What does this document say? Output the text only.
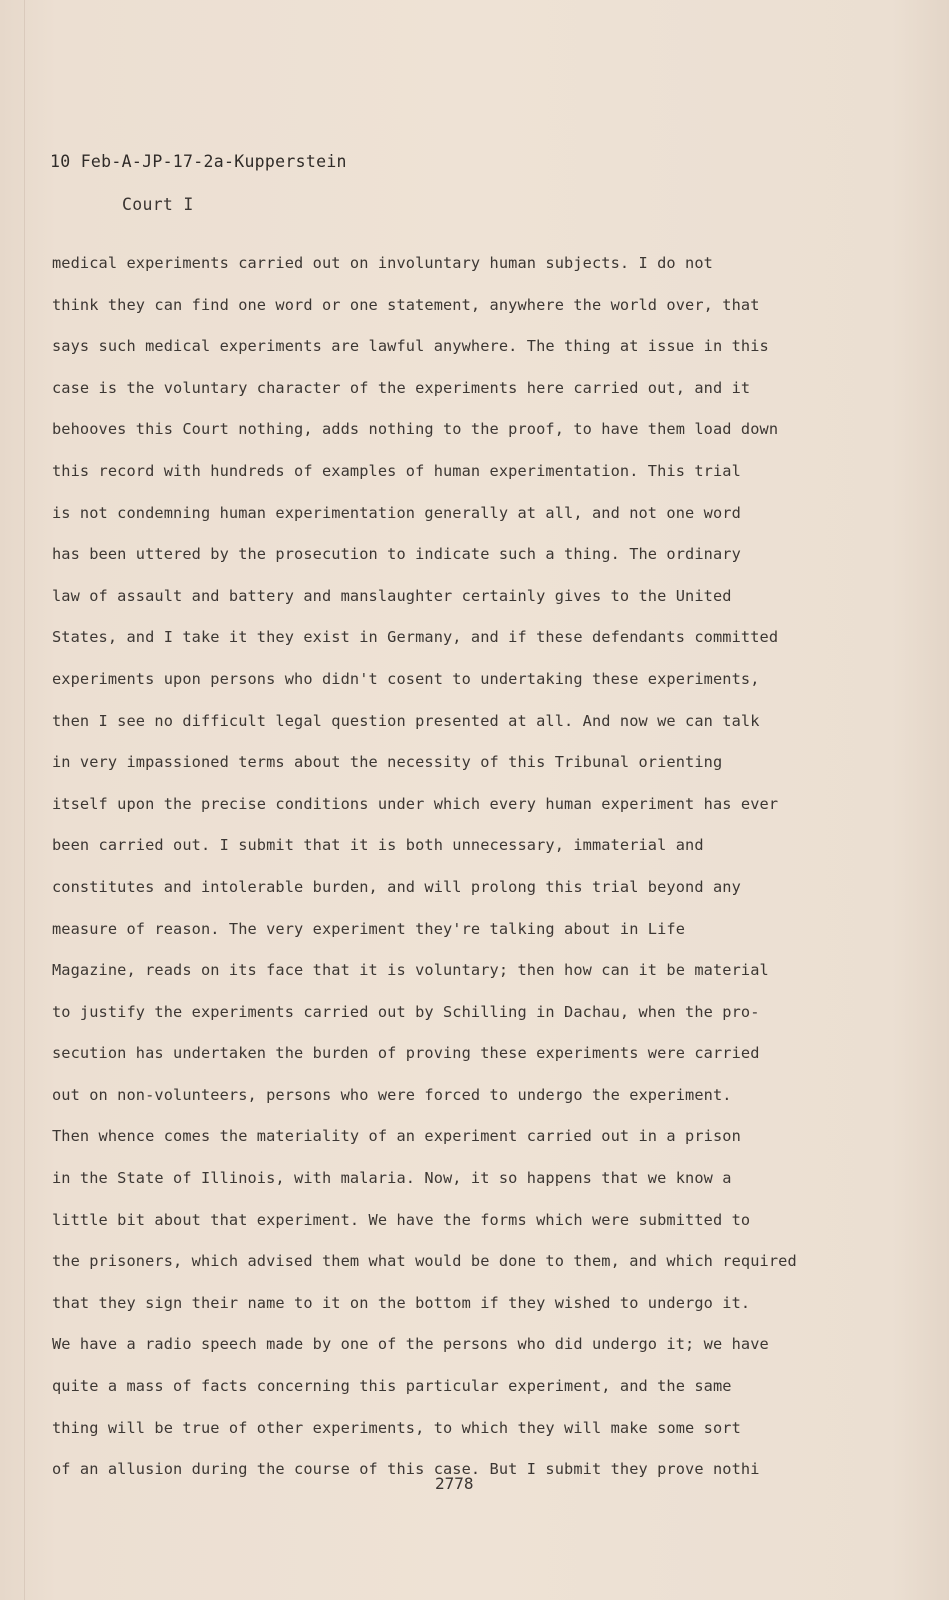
10 Feb-A-JP-17-2a-Kupperstein
Court I
medical experiments carried out on involuntary human subjects. I do not
think they can find one word or one statement, anywhere the world over, that
says such medical experiments are lawful anywhere. The thing at issue in this
case is the voluntary character of the experiments here carried out, and it
behooves this Court nothing, adds nothing to the proof, to have them load down
this record with hundreds of examples of human experimentation. This trial
is not condemning human experimentation generally at all, and not one word
has been uttered by the prosecution to indicate such a thing. The ordinary
law of assault and battery and manslaughter certainly gives to the United
States, and I take it they exist in Germany, and if these defendants committed
experiments upon persons who didn't cosent to undertaking these experiments,
then I see no difficult legal question presented at all. And now we can talk
in very impassioned terms about the necessity of this Tribunal orienting
itself upon the precise conditions under which every human experiment has ever
been carried out. I submit that it is both unnecessary, immaterial and
constitutes and intolerable burden, and will prolong this trial beyond any
measure of reason. The very experiment they're talking about in Life
Magazine, reads on its face that it is voluntary; then how can it be material
to justify the experiments carried out by Schilling in Dachau, when the pro-
secution has undertaken the burden of proving these experiments were carried
out on non-volunteers, persons who were forced to undergo the experiment.
Then whence comes the materiality of an experiment carried out in a prison
in the State of Illinois, with malaria. Now, it so happens that we know a
little bit about that experiment. We have the forms which were submitted to
the prisoners, which advised them what would be done to them, and which required
that they sign their name to it on the bottom if they wished to undergo it.
We have a radio speech made by one of the persons who did undergo it; we have
quite a mass of facts concerning this particular experiment, and the same
thing will be true of other experiments, to which they will make some sort
of an allusion during the course of this case. But I submit they prove nothi
2778
